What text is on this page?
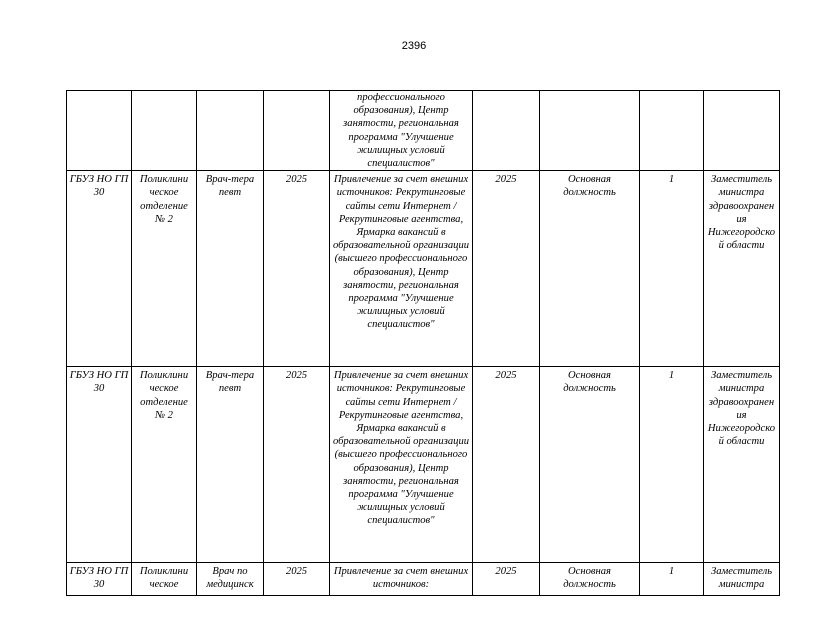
2396

				профессионального образования), Центр занятости, региональная программа "Улучшение жилищных условий специалистов"				

ГБУЗ НО ГП 30	Поликлини ческое отделение № 2	Врач-тера певт	2025	Привлечение за счет внешних источников: Рекрутинговые сайты сети Интернет / Рекрутинговые агентства, Ярмарка вакансий в образовательной организации (высшего профессионального образования), Центр занятости, региональная программа "Улучшение жилищных условий специалистов"	2025	Основная должность	1	Заместитель министра здравоохранен ия Нижегородско й области

ГБУЗ НО ГП 30	Поликлини ческое отделение № 2	Врач-тера певт	2025	Привлечение за счет внешних источников: Рекрутинговые сайты сети Интернет / Рекрутинговые агентства, Ярмарка вакансий в образовательной организации (высшего профессионального образования), Центр занятости, региональная программа "Улучшение жилищных условий специалистов"	2025	Основная должность	1	Заместитель министра здравоохранен ия Нижегородско й области

ГБУЗ НО ГП 30	Поликлини ческое	Врач по медицинск	2025	Привлечение за счет внешних источников:	2025	Основная должность	1	Заместитель министра
